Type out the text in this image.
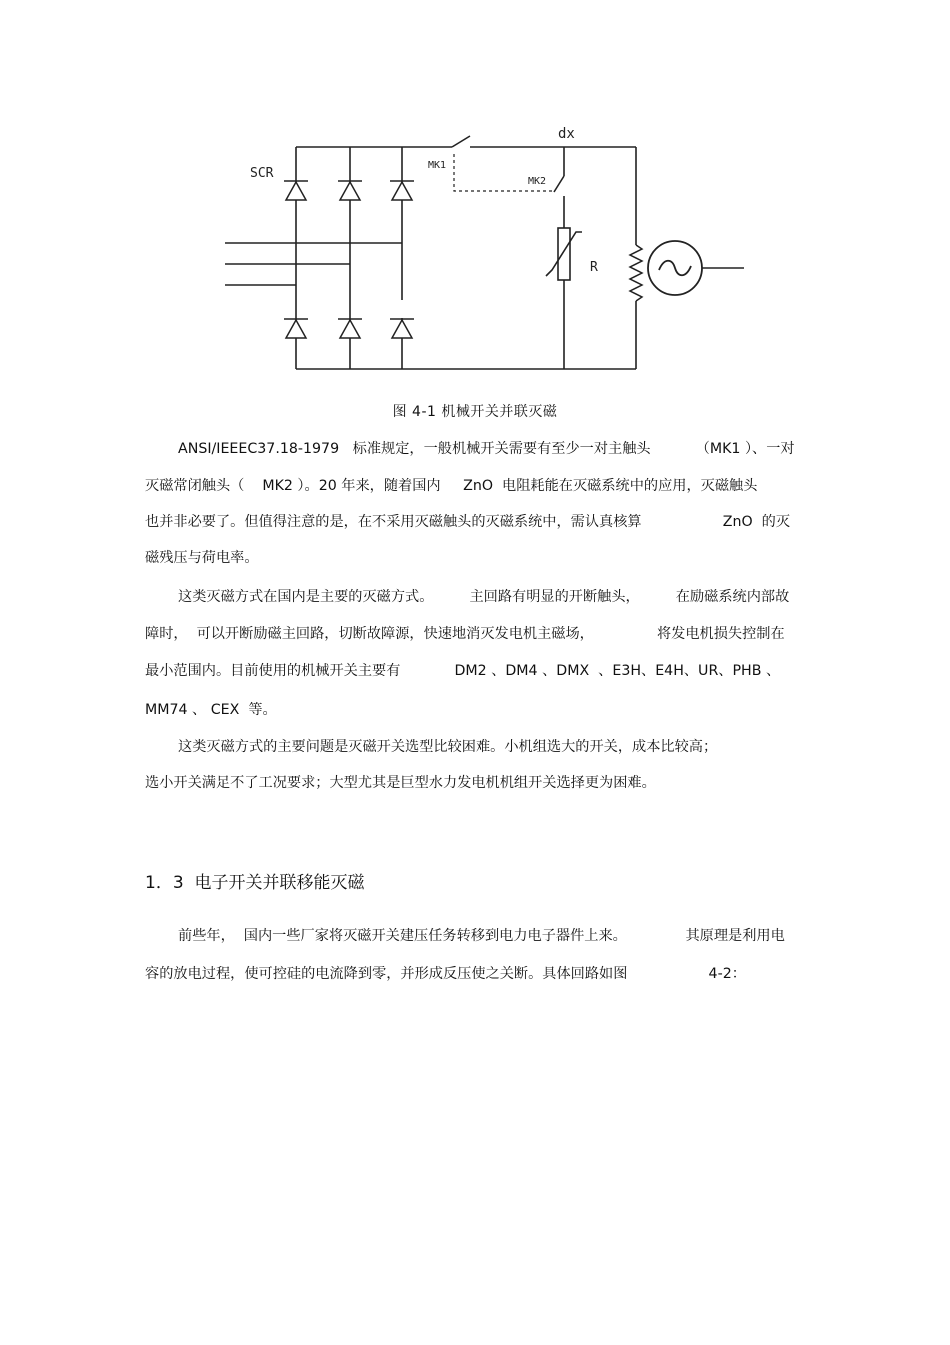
SCR
MK1
MK2
dx
R
图 4-1 机械开关并联灭磁
ANSI/IEEEC37.18-1979   标准规定，一般机械开关需要有至少一对主触头          （MK1 ）、一对
灭磁常闭触头（    MK2 ）。20 年来，随着国内     ZnO  电阻耗能在灭磁系统中的应用，灭磁触头
也并非必要了。但值得注意的是，在不采用灭磁触头的灭磁系统中，需认真核算                  ZnO  的灭
磁残压与荷电率。
这类灭磁方式在国内是主要的灭磁方式。        主回路有明显的开断触头，        在励磁系统内部故
障时，  可以开断励磁主回路，切断故障源，快速地消灭发电机主磁场，              将发电机损失控制在
最小范围内。目前使用的机械开关主要有            DM2 、DM4 、DMX  、E3H、E4H、UR、PHB 、
MM74 、 CEX  等。
这类灭磁方式的主要问题是灭磁开关选型比较困难。小机组选大的开关，成本比较高；
选小开关满足不了工况要求；大型尤其是巨型水力发电机机组开关选择更为困难。
1．3  电子开关并联移能灭磁
前些年，  国内一些厂家将灭磁开关建压任务转移到电力电子器件上来。             其原理是利用电
容的放电过程，使可控硅的电流降到零，并形成反压使之关断。具体回路如图                  4-2：
